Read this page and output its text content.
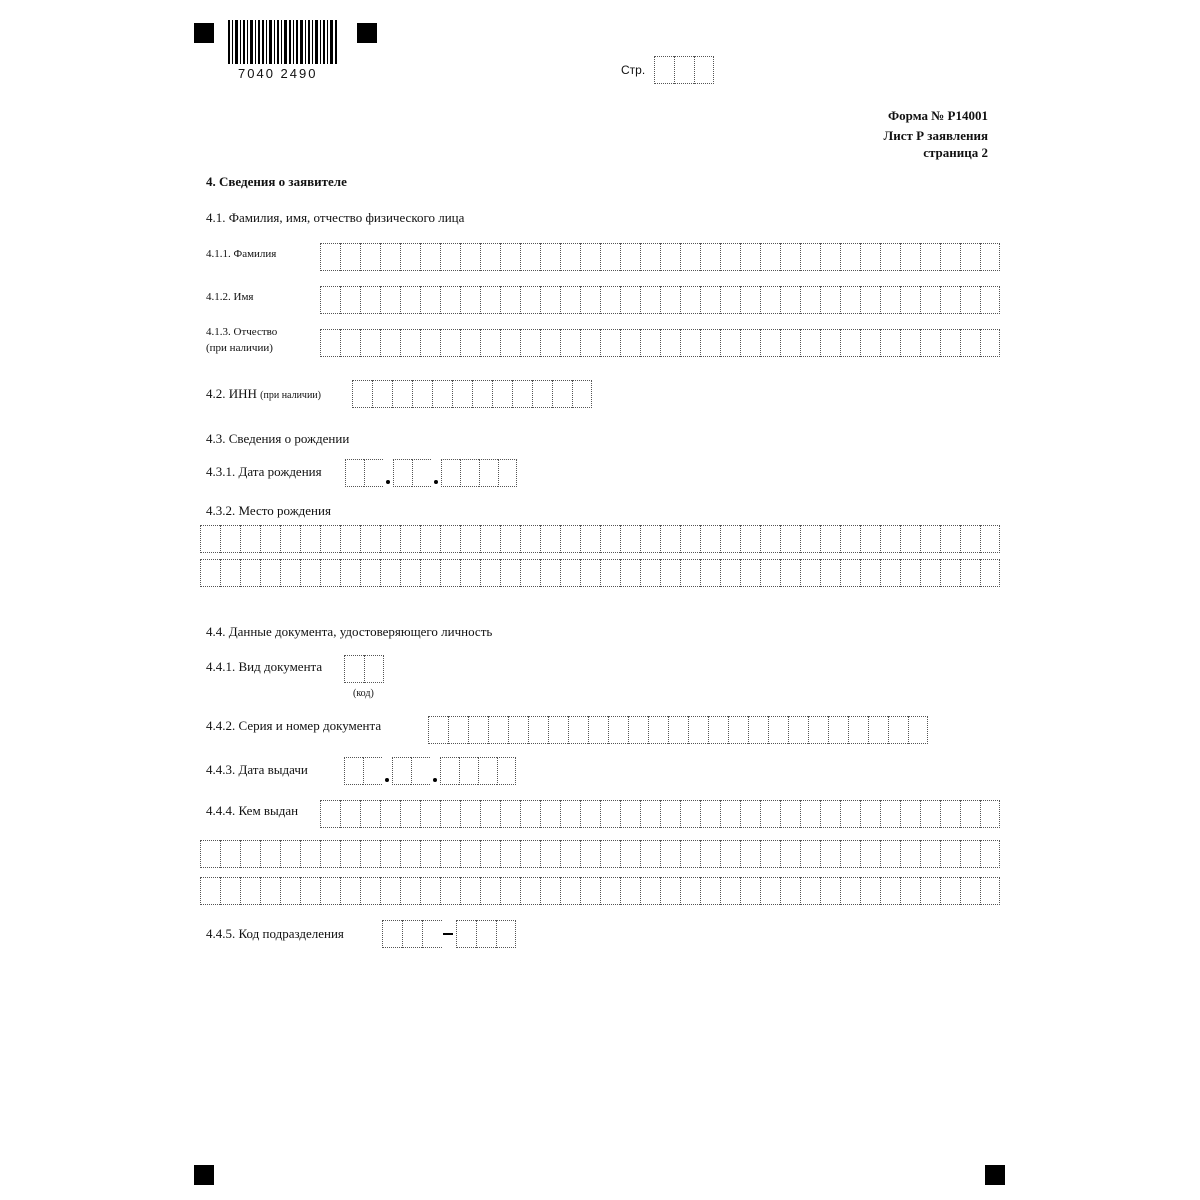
7040 2490	Стр.
Форма № Р14001
Лист Р заявления
страница 2
4. Сведения о заявителе
4.1. Фамилия, имя, отчество физического лица
4.1.1. Фамилия
4.1.2. Имя
4.1.3. Отчество
(при наличии)
4.2. ИНН (при наличии)
4.3. Сведения о рождении
4.3.1. Дата рождения
4.3.2. Место рождения
4.4. Данные документа, удостоверяющего личность
4.4.1. Вид документа
(код)
4.4.2. Серия и номер документа
4.4.3. Дата выдачи
4.4.4. Кем выдан
4.4.5. Код подразделения
